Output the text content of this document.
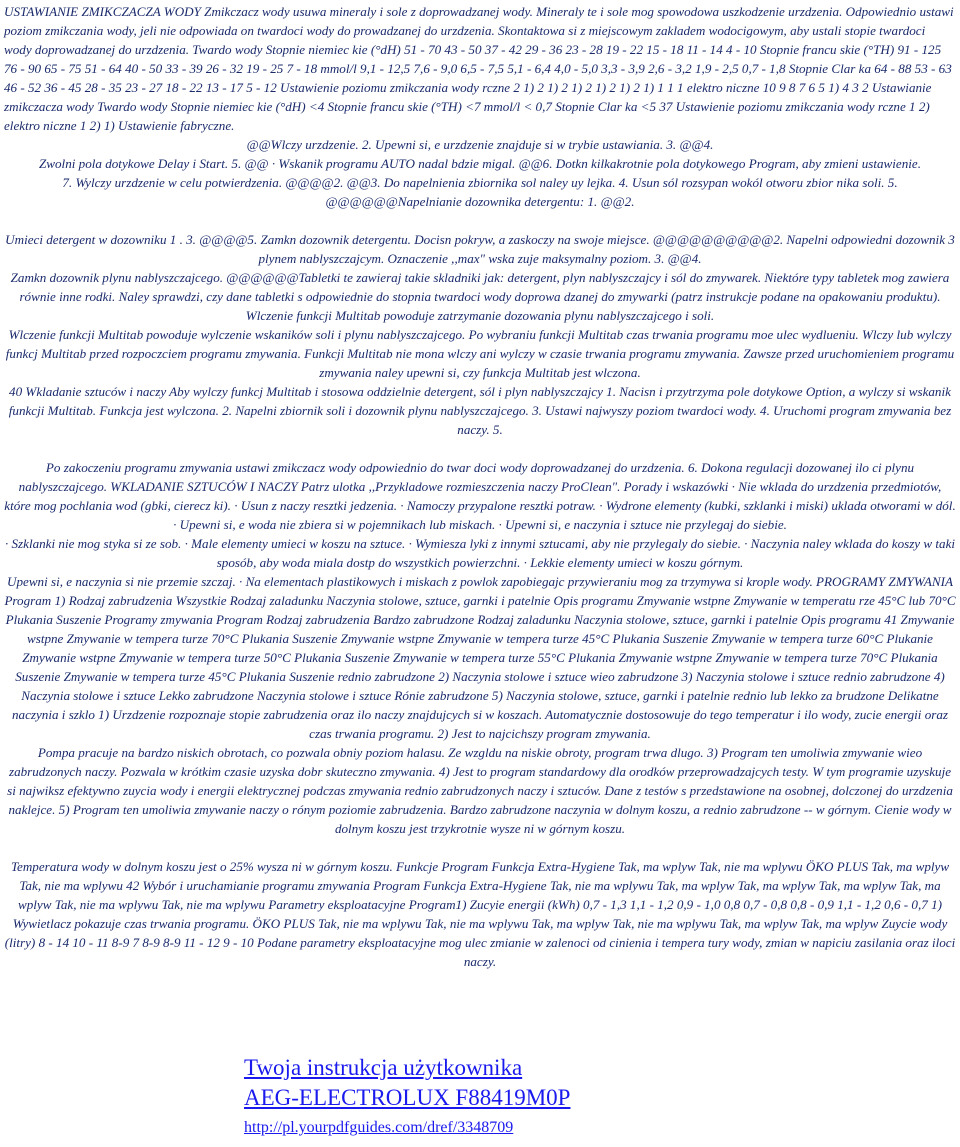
USTAWIANIE ZMIKCZACZA WODY Zmikczacz wody usuwa mineraly i sole z doprowadzanej wody. Mineraly te i sole mog spowodowa uszkodzenie urzdzenia. Odpowiednio ustawi poziom zmikczania wody, jeli nie odpowiada on twardoci wody do prowadzanej do urzdzenia. Skontaktowa si z miejscowym zakladem wodocigowym, aby ustali stopie twardoci wody doprowadzanej do urzdzenia. Twardo wody Stopnie niemiec kie (°dH) 51 - 70 43 - 50 37 - 42 29 - 36 23 - 28 19 - 22 15 - 18 11 - 14 4 - 10 Stopnie francu skie (°TH) 91 - 125 76 - 90 65 - 75 51 - 64 40 - 50 33 - 39 26 - 32 19 - 25 7 - 18 mmol/l 9,1 - 12,5 7,6 - 9,0 6,5 - 7,5 5,1 - 6,4 4,0 - 5,0 3,3 - 3,9 2,6 - 3,2 1,9 - 2,5 0,7 - 1,8 Stopnie Clar ka 64 - 88 53 - 63 46 - 52 36 - 45 28 - 35 23 - 27 18 - 22 13 - 17 5 - 12 Ustawienie poziomu zmikczania wody rczne 2 1) 2 1) 2 1) 2 1) 2 1) 2 1) 1 1 1 elektro niczne 10 9 8 7 6 5 1) 4 3 2 Ustawianie zmikczacza wody Twardo wody Stopnie niemiec kie (°dH) <4 Stopnie francu skie (°TH) <7 mmol/l < 0,7 Stopnie Clar ka <5 37 Ustawienie poziomu zmikczania wody rczne 1 2) elektro niczne 1 2) 1) Ustawienie fabryczne.

@@Wlczy urzdzenie. 2. Upewni si, e urzdzenie znajduje si w trybie ustawiania. 3. @@4.

Zwolni pola dotykowe Delay i Start. 5. @@ · Wskanik programu AUTO nadal bdzie migal. @@6. Dotkn kilkakrotnie pola dotykowego Program, aby zmieni ustawienie.

7. Wylczy urzdzenie w celu potwierdzenia. @@@@2. @@3. Do napelnienia zbiornika sol naley uy lejka. 4. Usun sól rozsypan wokól otworu zbior nika soli. 5. @@@@@@Napelnianie dozownika detergentu: 1. @@2.

Umieci detergent w dozowniku 1 . 3. @@@@5. Zamkn dozownik detergentu. Docisn pokryw, a zaskoczy na swoje miejsce. @@@@@@@@@@2. Napelni odpowiedni dozownik 3 plynem nablyszczajcym. Oznaczenie ,,max" wska zuje maksymalny poziom. 3. @@4.

Zamkn dozownik plynu nablyszczajcego. @@@@@@Tabletki te zawieraj takie skladniki jak: detergent, plyn nablyszczajcy i sól do zmywarek. Niektóre typy tabletek mog zawiera równie inne rodki. Naley sprawdzi, czy dane tabletki s odpowiednie do stopnia twardoci wody doprowa dzanej do zmywarki (patrz instrukcje podane na opakowaniu produktu). Wlczenie funkcji Multitab powoduje zatrzymanie dozowania plynu nablyszczajcego i soli.

Wlczenie funkcji Multitab powoduje wylczenie wskaników soli i plynu nablyszczajcego. Po wybraniu funkcji Multitab czas trwania programu moe ulec wydlueniu. Wlczy lub wylczy funkcj Multitab przed rozpoczciem programu zmywania. Funkcji Multitab nie mona wlczy ani wylczy w czasie trwania programu zmywania. Zawsze przed uruchomieniem programu zmywania naley upewni si, czy funkcja Multitab jest wlczona.

40 Wkladanie sztuców i naczy Aby wylczy funkcj Multitab i stosowa oddzielnie detergent, sól i plyn nablyszczajcy 1. Nacisn i przytrzyma pole dotykowe Option, a wylczy si wskanik funkcji Multitab. Funkcja jest wylczona. 2. Napelni zbiornik soli i dozownik plynu nablyszczajcego. 3. Ustawi najwyszy poziom twardoci wody. 4. Uruchomi program zmywania bez naczy. 5.

Po zakoczeniu programu zmywania ustawi zmikczacz wody odpowiednio do twar doci wody doprowadzanej do urzdzenia. 6. Dokona regulacji dozowanej ilo ci plynu nablyszczajcego. WKLADANIE SZTUCÓW I NACZY Patrz ulotka ,,Przykladowe rozmieszczenia naczy ProClean". Porady i wskazówki · Nie wklada do urzdzenia przedmiotów, które mog pochlania wod (gbki, cierecz ki). · Usun z naczy resztki jedzenia. · Namoczy przypalone resztki potraw. · Wydrone elementy (kubki, szklanki i miski) uklada otworami w dól. · Upewni si, e woda nie zbiera si w pojemnikach lub miskach. · Upewni si, e naczynia i sztuce nie przylegaj do siebie.

· Szklanki nie mog styka si ze sob. · Male elementy umieci w koszu na sztuce. · Wymiesza lyki z innymi sztucami, aby nie przylegaly do siebie. · Naczynia naley wklada do koszy w taki sposób, aby woda miala dostp do wszystkich powierzchni. · Lekkie elementy umieci w koszu górnym.

Upewni si, e naczynia si nie przemie szczaj. · Na elementach plastikowych i miskach z powlok zapobiegajc przywieraniu mog za trzymywa si krople wody. PROGRAMY ZMYWANIA Program 1) Rodzaj zabrudzenia Wszystkie Rodzaj zaladunku Naczynia stolowe, sztuce, garnki i patelnie Opis programu Zmywanie wstpne Zmywanie w temperatu rze 45°C lub 70°C Plukania Suszenie Programy zmywania Program Rodzaj zabrudzenia Bardzo zabrudzone Rodzaj zaladunku Naczynia stolowe, sztuce, garnki i patelnie Opis programu 41 Zmywanie wstpne Zmywanie w tempera turze 70°C Plukania Suszenie Zmywanie wstpne Zmywanie w tempera turze 45°C Plukania Suszenie Zmywanie w tempera turze 60°C Plukanie Zmywanie wstpne Zmywanie w tempera turze 50°C Plukania Suszenie Zmywanie w tempera turze 55°C Plukania Zmywanie wstpne Zmywanie w tempera turze 70°C Plukania Suszenie Zmywanie w tempera turze 45°C Plukania Suszenie rednio zabrudzone 2) Naczynia stolowe i sztuce wieo zabrudzone 3) Naczynia stolowe i sztuce rednio zabrudzone 4) Naczynia stolowe i sztuce Lekko zabrudzone Naczynia stolowe i sztuce Rónie zabrudzone 5) Naczynia stolowe, sztuce, garnki i patelnie rednio lub lekko za brudzone Delikatne naczynia i szklo 1) Urzdzenie rozpoznaje stopie zabrudzenia oraz ilo naczy znajdujcych si w koszach. Automatycznie dostosowuje do tego temperatur i ilo wody, zucie energii oraz czas trwania programu. 2) Jest to najcichszy program zmywania.

Pompa pracuje na bardzo niskich obrotach, co pozwala obniy poziom halasu. Ze wzgldu na niskie obroty, program trwa dlugo. 3) Program ten umoliwia zmywanie wieo zabrudzonych naczy. Pozwala w krótkim czasie uzyska dobr skuteczno zmywania. 4) Jest to program standardowy dla orodków przeprowadzajcych testy. W tym programie uzyskuje si najwiksz efektywno zuycia wody i energii elektrycznej podczas zmywania rednio zabrudzonych naczy i sztuców. Dane z testów s przedstawione na osobnej, dolczonej do urzdzenia naklejce. 5) Program ten umoliwia zmywanie naczy o rónym poziomie zabrudzenia. Bardzo zabrudzone naczynia w dolnym koszu, a rednio zabrudzone -- w górnym. Cienie wody w dolnym koszu jest trzykrotnie wysze ni w górnym koszu.

Temperatura wody w dolnym koszu jest o 25% wysza ni w górnym koszu. Funkcje Program Funkcja Extra-Hygiene Tak, ma wplyw Tak, nie ma wplywu ÖKO PLUS Tak, ma wplyw Tak, nie ma wplywu 42 Wybór i uruchamianie programu zmywania Program Funkcja Extra-Hygiene Tak, nie ma wplywu Tak, ma wplyw Tak, ma wplyw Tak, ma wplyw Tak, ma wplyw Tak, nie ma wplywu Tak, nie ma wplywu Parametry eksploatacyjne Program1) Zucyie energii (kWh) 0,7 - 1,3 1,1 - 1,2 0,9 - 1,0 0,8 0,7 - 0,8 0,8 - 0,9 1,1 - 1,2 0,6 - 0,7 1) Wywietlacz pokazuje czas trwania programu. ÖKO PLUS Tak, nie ma wplywu Tak, nie ma wplywu Tak, ma wplyw Tak, nie ma wplywu Tak, ma wplyw Tak, ma wplyw Zuycie wody (litry) 8 - 14 10 - 11 8-9 7 8-9 8-9 11 - 12 9 - 10 Podane parametry eksploatacyjne mog ulec zmianie w zalenoci od cinienia i tempera tury wody, zmian w napiciu zasilania oraz iloci naczy.

Twoja instrukcja użytkownika
AEG-ELECTROLUX F88419M0P
http://pl.yourpdfguides.com/dref/3348709
